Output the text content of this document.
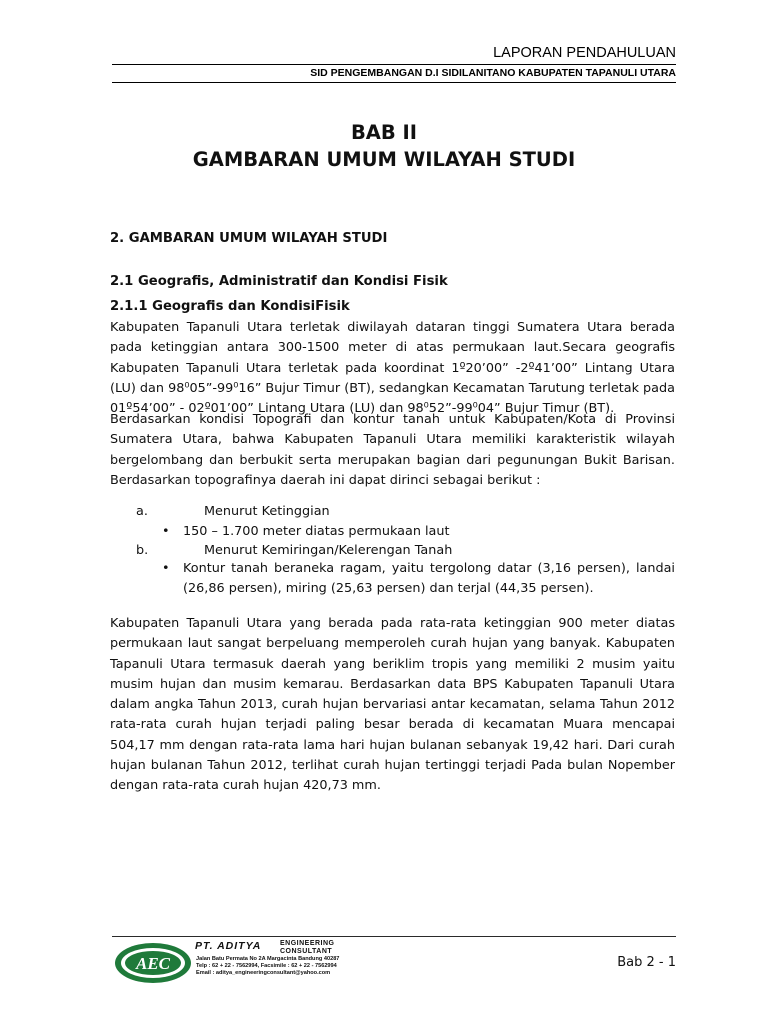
LAPORAN PENDAHULUAN
SID PENGEMBANGAN D.I SIDILANITANO KABUPATEN TAPANULI UTARA
BAB II
GAMBARAN UMUM WILAYAH STUDI
2. GAMBARAN UMUM WILAYAH STUDI
2.1 Geografis, Administratif dan Kondisi Fisik
2.1.1 Geografis dan KondisiFisik
Kabupaten Tapanuli Utara terletak diwilayah dataran tinggi Sumatera Utara berada pada ketinggian antara 300-1500 meter di atas permukaan laut.Secara geografis Kabupaten Tapanuli Utara terletak pada koordinat 1º20’00” -2º41’00” Lintang Utara (LU) dan 98⁰05”-99⁰16” Bujur Timur (BT), sedangkan Kecamatan Tarutung terletak pada 01º54’00” - 02º01’00” Lintang Utara (LU) dan 98⁰52”-99⁰04” Bujur Timur (BT).
Berdasarkan kondisi Topografi dan kontur tanah untuk Kabupaten/Kota di Provinsi Sumatera Utara, bahwa Kabupaten Tapanuli Utara memiliki karakteristik wilayah bergelombang dan berbukit serta merupakan bagian dari pegunungan Bukit Barisan. Berdasarkan topografinya daerah ini dapat dirinci sebagai berikut :
a.	Menurut Ketinggian
• 150 – 1.700 meter diatas permukaan laut
b.	Menurut Kemiringan/Kelerengan Tanah
• Kontur tanah beraneka ragam, yaitu tergolong datar (3,16 persen), landai (26,86 persen), miring (25,63 persen) dan terjal (44,35 persen).
Kabupaten Tapanuli Utara yang berada pada rata-rata ketinggian 900 meter diatas permukaan laut sangat berpeluang memperoleh curah hujan yang banyak. Kabupaten Tapanuli Utara termasuk daerah yang beriklim tropis yang memiliki 2 musim yaitu musim hujan dan musim kemarau. Berdasarkan data BPS Kabupaten Tapanuli Utara dalam angka Tahun 2013, curah hujan bervariasi antar kecamatan, selama Tahun 2012 rata-rata curah hujan terjadi paling besar berada di kecamatan Muara mencapai 504,17 mm dengan rata-rata lama hari hujan bulanan sebanyak 19,42 hari. Dari curah hujan bulanan Tahun 2012, terlihat curah hujan tertinggi terjadi Pada bulan Nopember dengan rata-rata curah hujan 420,73 mm.
AEC
PT. ADITYA	ENGINEERING
CONSULTANT
Jalan Batu Permata No 2A Margacinta Bandung 40287
Telp : 62 + 22 - 7562994, Facsimile : 62 + 22 - 7562994
Email : aditya_engineeringconsultant@yahoo.com
Bab 2 - 1
